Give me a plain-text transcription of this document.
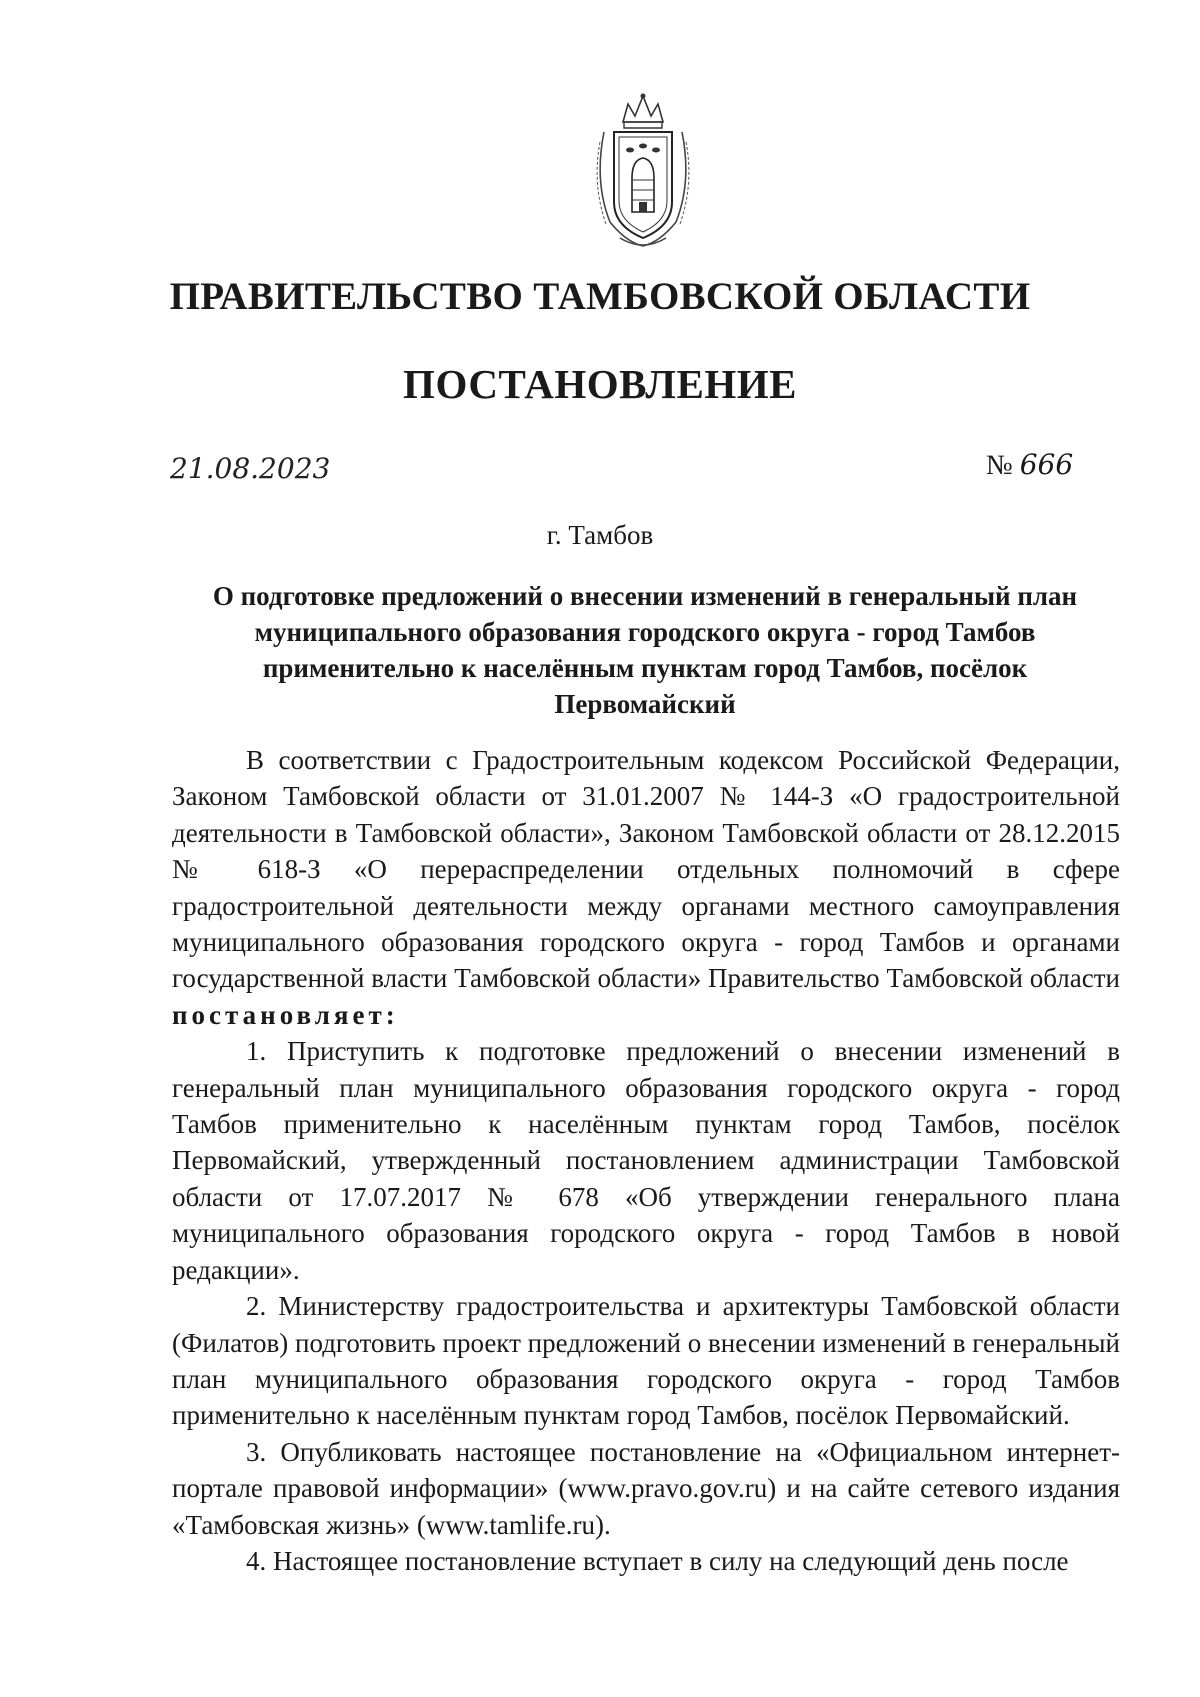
ПРАВИТЕЛЬСТВО ТАМБОВСКОЙ ОБЛАСТИ
ПОСТАНОВЛЕНИЕ
21.08.2023	№ 666
г. Тамбов
О подготовке предложений о внесении изменений в генеральный план муниципального образования городского округа - город Тамбов применительно к населённым пунктам город Тамбов, посёлок Первомайский

В соответствии с Градостроительным кодексом Российской Федерации, Законом Тамбовской области от 31.01.2007 № 144-З «О градостроительной деятельности в Тамбовской области», Законом Тамбовской области от 28.12.2015 № 618-З «О перераспределении отдельных полномочий в сфере градостроительной деятельности между органами местного самоуправления муниципального образования городского округа - город Тамбов и органами государственной власти Тамбовской области» Правительство Тамбовской области постановляет:

1. Приступить к подготовке предложений о внесении изменений в генеральный план муниципального образования городского округа - город Тамбов применительно к населённым пунктам город Тамбов, посёлок Первомайский, утвержденный постановлением администрации Тамбовской области от 17.07.2017 № 678 «Об утверждении генерального плана муниципального образования городского округа - город Тамбов в новой редакции».

2. Министерству градостроительства и архитектуры Тамбовской области (Филатов) подготовить проект предложений о внесении изменений в генеральный план муниципального образования городского округа - город Тамбов применительно к населённым пунктам город Тамбов, посёлок Первомайский.

3. Опубликовать настоящее постановление на «Официальном интернет-портале правовой информации» (www.pravo.gov.ru) и на сайте сетевого издания «Тамбовская жизнь» (www.tamlife.ru).

4. Настоящее постановление вступает в силу на следующий день после
